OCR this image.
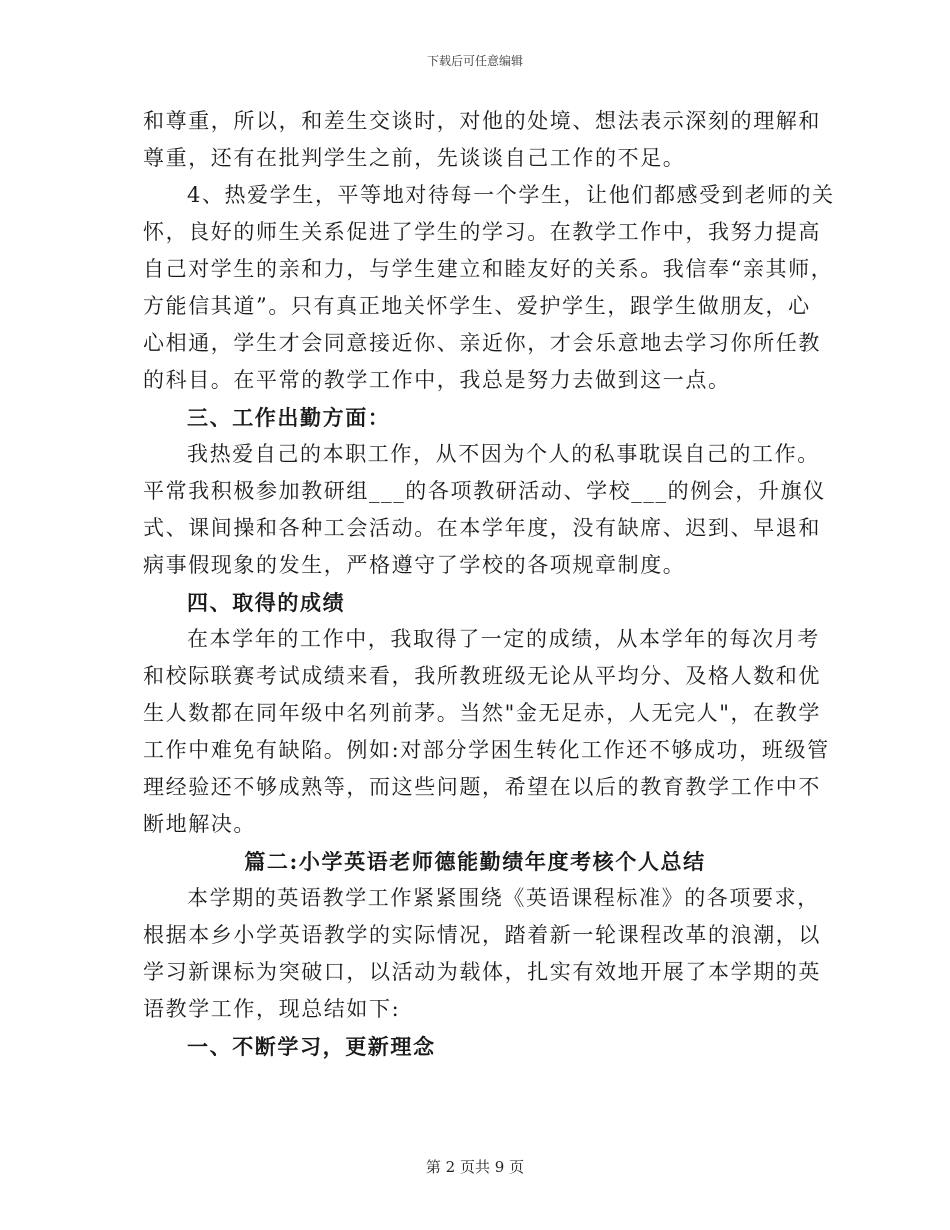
下载后可任意编辑
和尊重，所以，和差生交谈时，对他的处境、想法表示深刻的理解和
尊重，还有在批判学生之前，先谈谈自己工作的不足。
4、热爱学生，平等地对待每一个学生，让他们都感受到老师的关
怀，良好的师生关系促进了学生的学习。在教学工作中，我努力提高
自己对学生的亲和力，与学生建立和睦友好的关系。我信奉“亲其师，
方能信其道”。只有真正地关怀学生、爱护学生，跟学生做朋友，心
心相通，学生才会同意接近你、亲近你，才会乐意地去学习你所任教
的科目。在平常的教学工作中，我总是努力去做到这一点。
三、工作出勤方面：
我热爱自己的本职工作，从不因为个人的私事耽误自己的工作。
平常我积极参加教研组___的各项教研活动、学校___的例会，升旗仪
式、课间操和各种工会活动。在本学年度，没有缺席、迟到、早退和
病事假现象的发生，严格遵守了学校的各项规章制度。
四、取得的成绩
在本学年的工作中，我取得了一定的成绩，从本学年的每次月考
和校际联赛考试成绩来看，我所教班级无论从平均分、及格人数和优
生人数都在同年级中名列前茅。当然"金无足赤，人无完人"，在教学
工作中难免有缺陷。例如:对部分学困生转化工作还不够成功，班级管
理经验还不够成熟等，而这些问题，希望在以后的教育教学工作中不
断地解决。
篇二:小学英语老师德能勤绩年度考核个人总结
本学期的英语教学工作紧紧围绕《英语课程标准》的各项要求，
根据本乡小学英语教学的实际情况，踏着新一轮课程改革的浪潮，以
学习新课标为突破口，以活动为载体，扎实有效地开展了本学期的英
语教学工作，现总结如下:
一、不断学习，更新理念
第 2 页共 9 页
